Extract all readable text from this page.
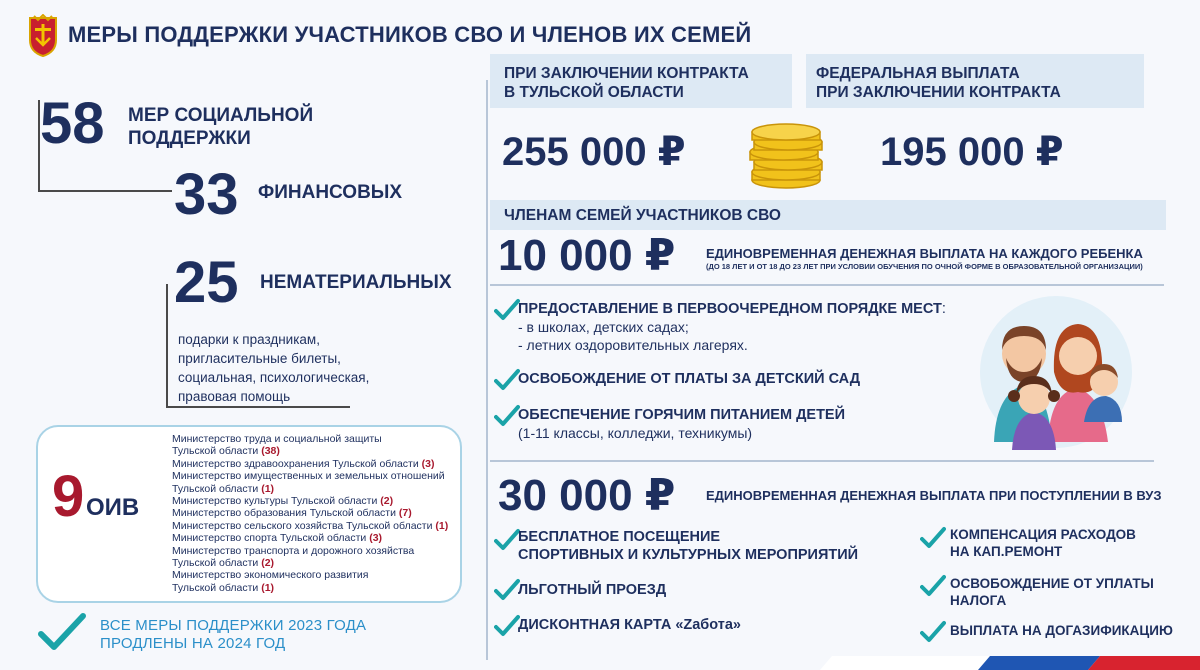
МЕРЫ ПОДДЕРЖКИ УЧАСТНИКОВ СВО И ЧЛЕНОВ ИХ СЕМЕЙ
58 МЕР СОЦИАЛЬНОЙ
ПОДДЕРЖКИ
33 ФИНАНСОВЫХ
25 НЕМАТЕРИАЛЬНЫХ
подарки к праздникам,
пригласительные билеты,
социальная, психологическая,
правовая помощь
9 ОИВ
Министерство труда и социальной защиты
Тульской области (38)
Министерство здравоохранения Тульской области (3)
Министерство имущественных и земельных отношений
Тульской области (1)
Министерство культуры Тульской области (2)
Министерство образования Тульской области (7)
Министерство сельского хозяйства Тульской области (1)
Министерство спорта Тульской области (3)
Министерство транспорта и дорожного хозяйства
Тульской области (2)
Министерство экономического развития
Тульской области (1)
ВСЕ МЕРЫ ПОДДЕРЖКИ 2023 ГОДА
ПРОДЛЕНЫ НА 2024 ГОД
ПРИ ЗАКЛЮЧЕНИИ КОНТРАКТА
В ТУЛЬСКОЙ ОБЛАСТИ
ФЕДЕРАЛЬНАЯ ВЫПЛАТА
ПРИ ЗАКЛЮЧЕНИИ КОНТРАКТА
255 000 ₽	195 000 ₽
ЧЛЕНАМ СЕМЕЙ УЧАСТНИКОВ СВО
10 000 ₽ ЕДИНОВРЕМЕННАЯ ДЕНЕЖНАЯ ВЫПЛАТА НА КАЖДОГО РЕБЕНКА
(ДО 18 ЛЕТ И ОТ 18 ДО 23 ЛЕТ ПРИ УСЛОВИИ ОБУЧЕНИЯ ПО ОЧНОЙ ФОРМЕ В ОБРАЗОВАТЕЛЬНОЙ ОРГАНИЗАЦИИ)
ПРЕДОСТАВЛЕНИЕ В ПЕРВООЧЕРЕДНОМ ПОРЯДКЕ МЕСТ:
- в школах, детских садах;
- летних оздоровительных лагерях.
ОСВОБОЖДЕНИЕ ОТ ПЛАТЫ ЗА ДЕТСКИЙ САД
ОБЕСПЕЧЕНИЕ ГОРЯЧИМ ПИТАНИЕМ ДЕТЕЙ
(1-11 классы, колледжи, техникумы)
30 000 ₽ ЕДИНОВРЕМЕННАЯ ДЕНЕЖНАЯ ВЫПЛАТА ПРИ ПОСТУПЛЕНИИ В ВУЗ
БЕСПЛАТНОЕ ПОСЕЩЕНИЕ
СПОРТИВНЫХ И КУЛЬТУРНЫХ МЕРОПРИЯТИЙ
ЛЬГОТНЫЙ ПРОЕЗД
ДИСКОНТНАЯ КАРТА «Zабота»
КОМПЕНСАЦИЯ РАСХОДОВ
НА КАП.РЕМОНТ
ОСВОБОЖДЕНИЕ ОТ УПЛАТЫ
НАЛОГА
ВЫПЛАТА НА ДОГАЗИФИКАЦИЮ
